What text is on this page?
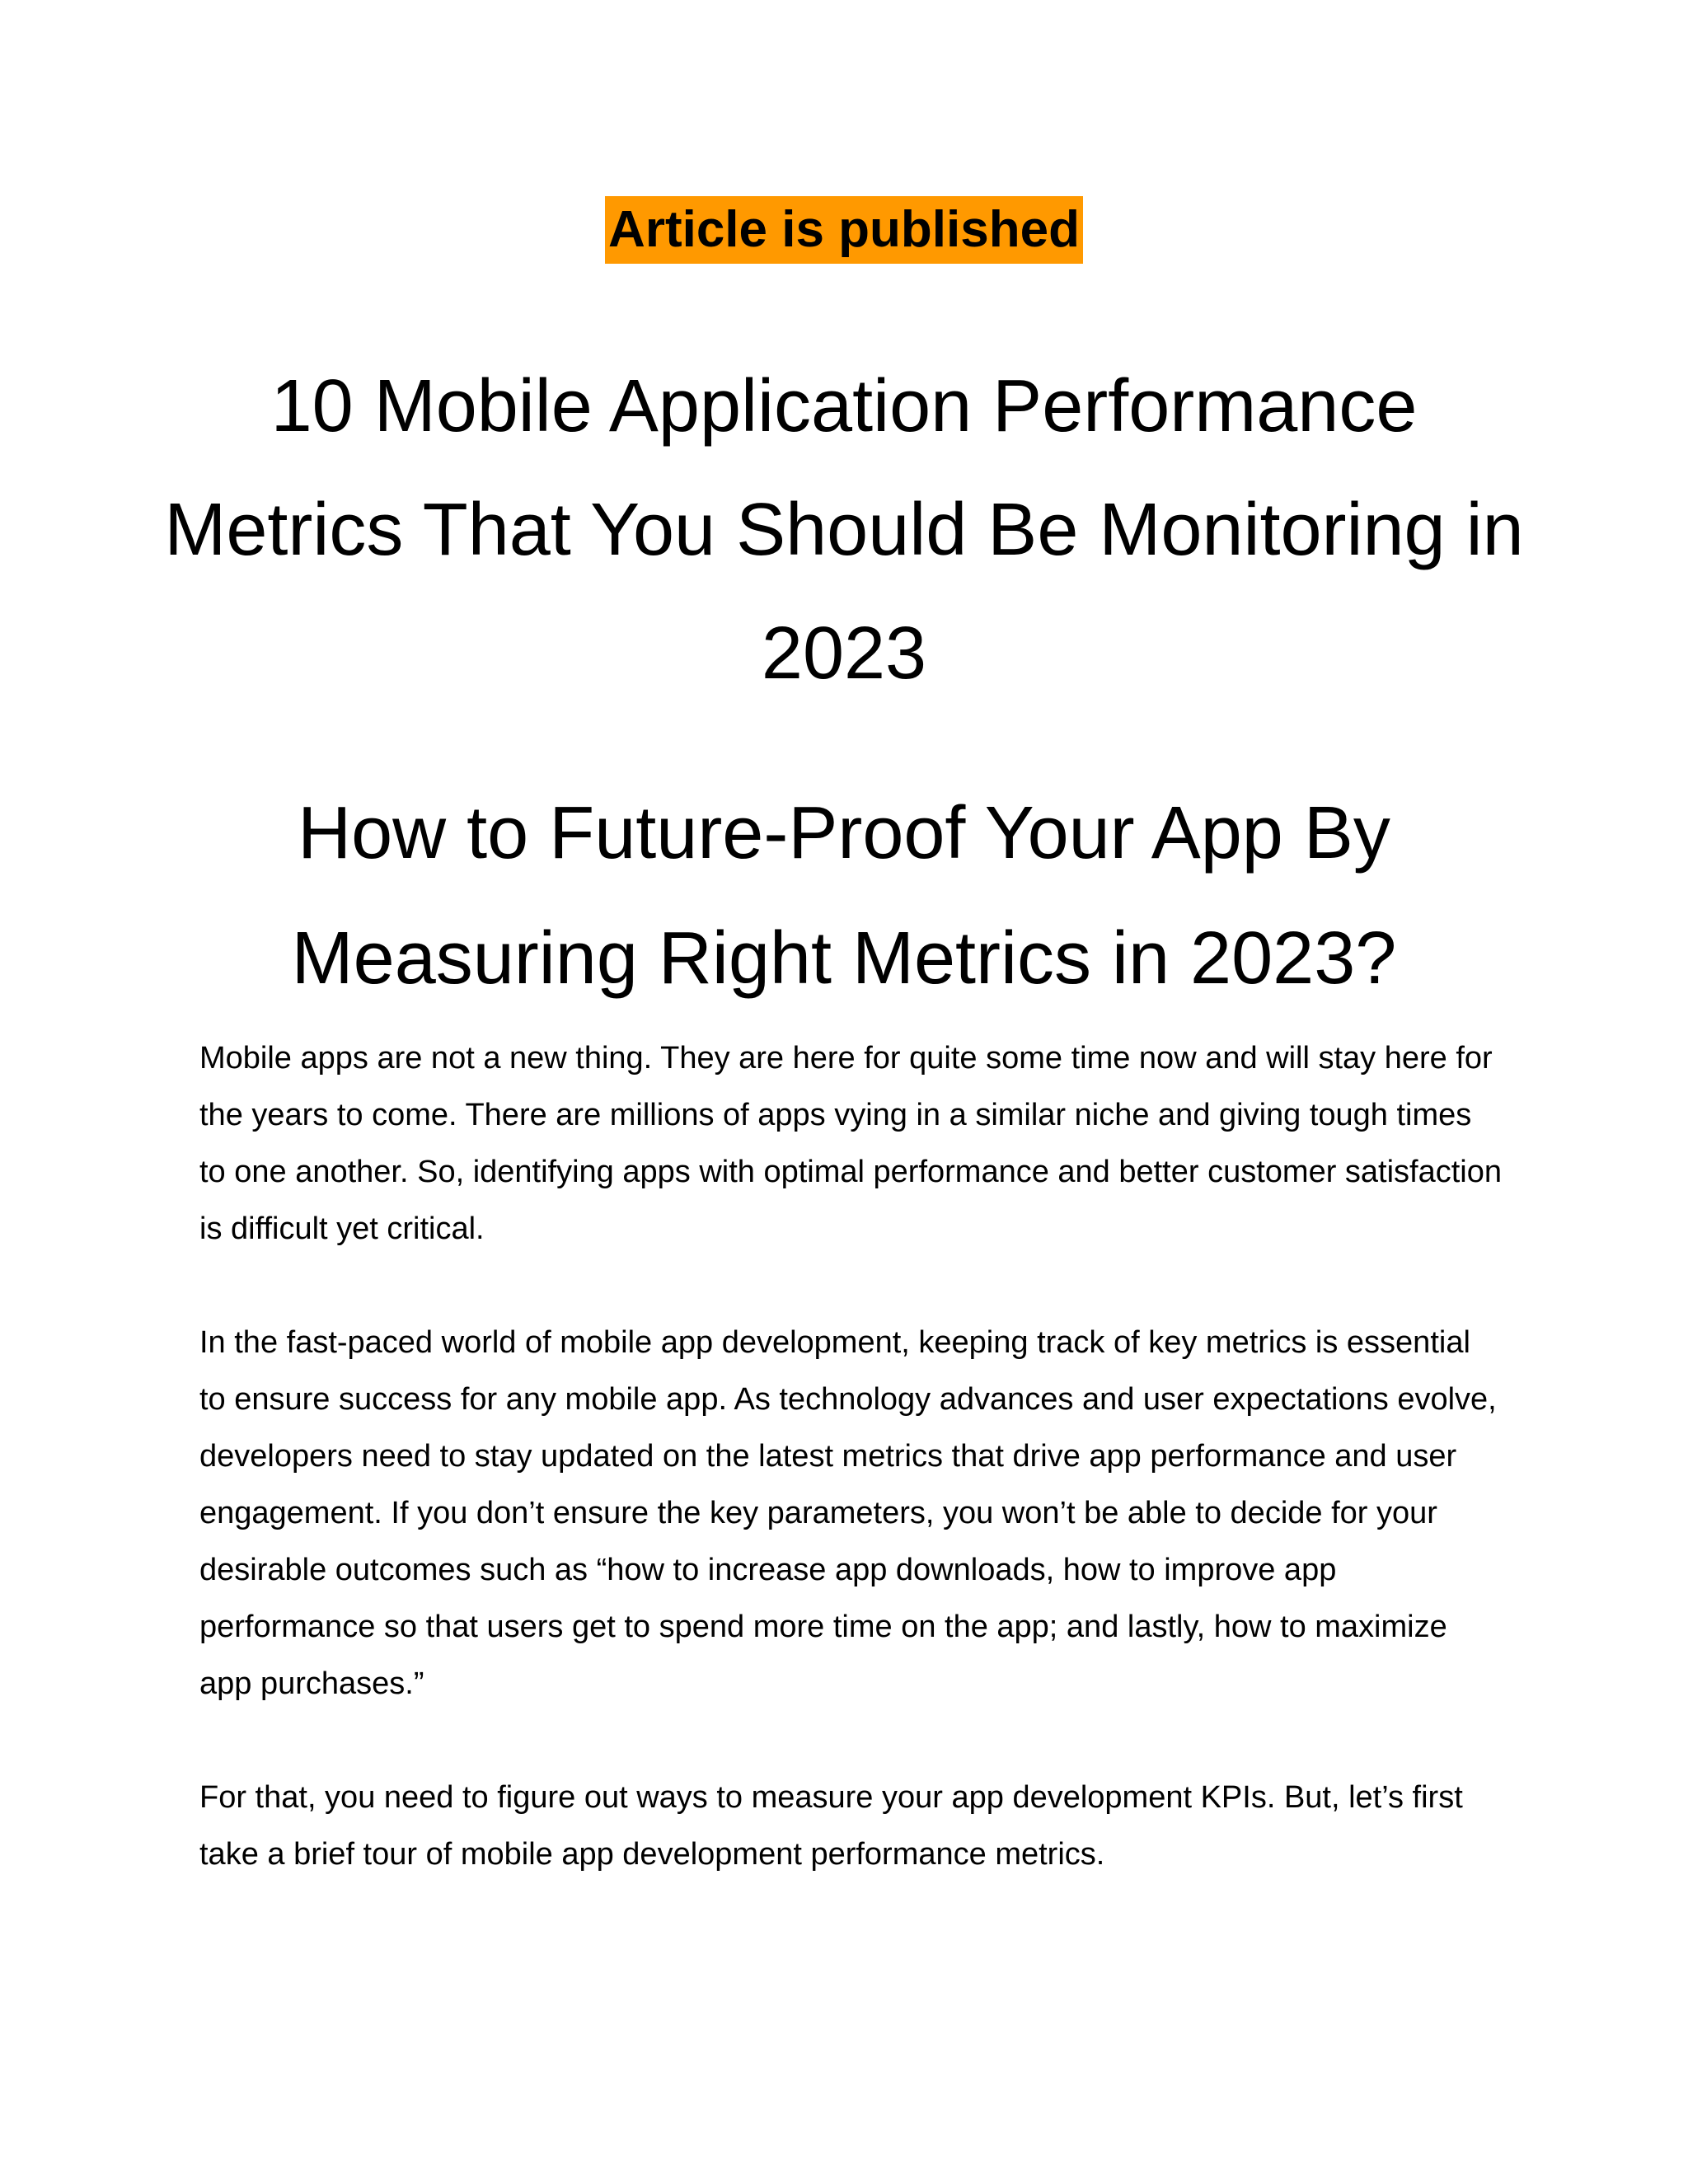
Article is published
10 Mobile Application Performance Metrics That You Should Be Monitoring in 2023
How to Future-Proof Your App By Measuring Right Metrics in 2023?

Mobile apps are not a new thing. They are here for quite some time now and will stay here for the years to come. There are millions of apps vying in a similar niche and giving tough times to one another. So, identifying apps with optimal performance and better customer satisfaction is difficult yet critical.

In the fast-paced world of mobile app development, keeping track of key metrics is essential to ensure success for any mobile app. As technology advances and user expectations evolve, developers need to stay updated on the latest metrics that drive app performance and user engagement. If you don’t ensure the key parameters, you won’t be able to decide for your desirable outcomes such as “how to increase app downloads, how to improve app performance so that users get to spend more time on the app; and lastly, how to maximize app purchases.”

For that, you need to figure out ways to measure your app development KPIs. But, let’s first take a brief tour of mobile app development performance metrics.
